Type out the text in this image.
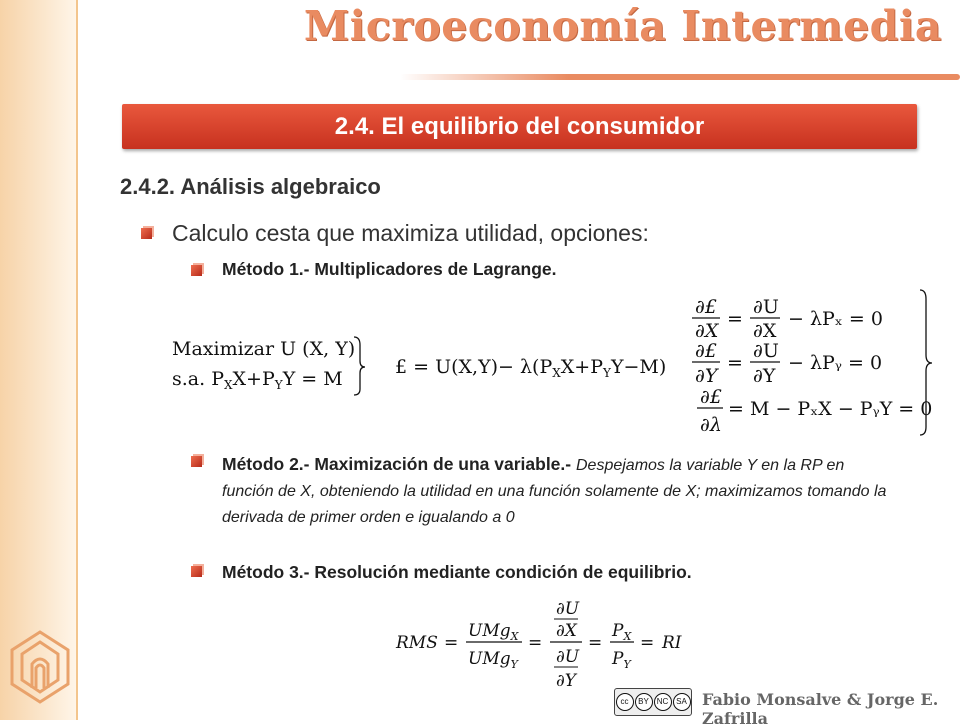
Microeconomía Intermedia
2.4. El equilibrio del consumidor
2.4.2. Análisis algebraico
Calculo cesta que maximiza utilidad, opciones:
Método 1.- Multiplicadores de Lagrange.
Maximizar U (X, Y)
s.a. $P_XX+P_YY = M$
£ = $U(X,Y)- \lambda(P_XX+P_YY-M)$
∂£
∂X
=
∂U
∂X
− λPₓ = 0
∂£
∂Y
=
∂U
∂Y
− λPᵧ = 0
∂£
∂λ
= M − PₓX − PᵧY = 0
Método 2.- Maximización de una variable.- Despejamos la variable Y en la RP en función de X, obteniendo la utilidad en una función solamente de X; maximizamos tomando la derivada de primer orden e igualando a 0
Método 3.- Resolución mediante condición de equilibrio.
RMS =
UMg$_X$
UMg$_Y$
=
∂U
∂X
∂U
∂Y
=
$P_X$
$P_Y$
= RI
cc	BY NC SA Fabio Monsalve & Jorge E. Zafrilla
